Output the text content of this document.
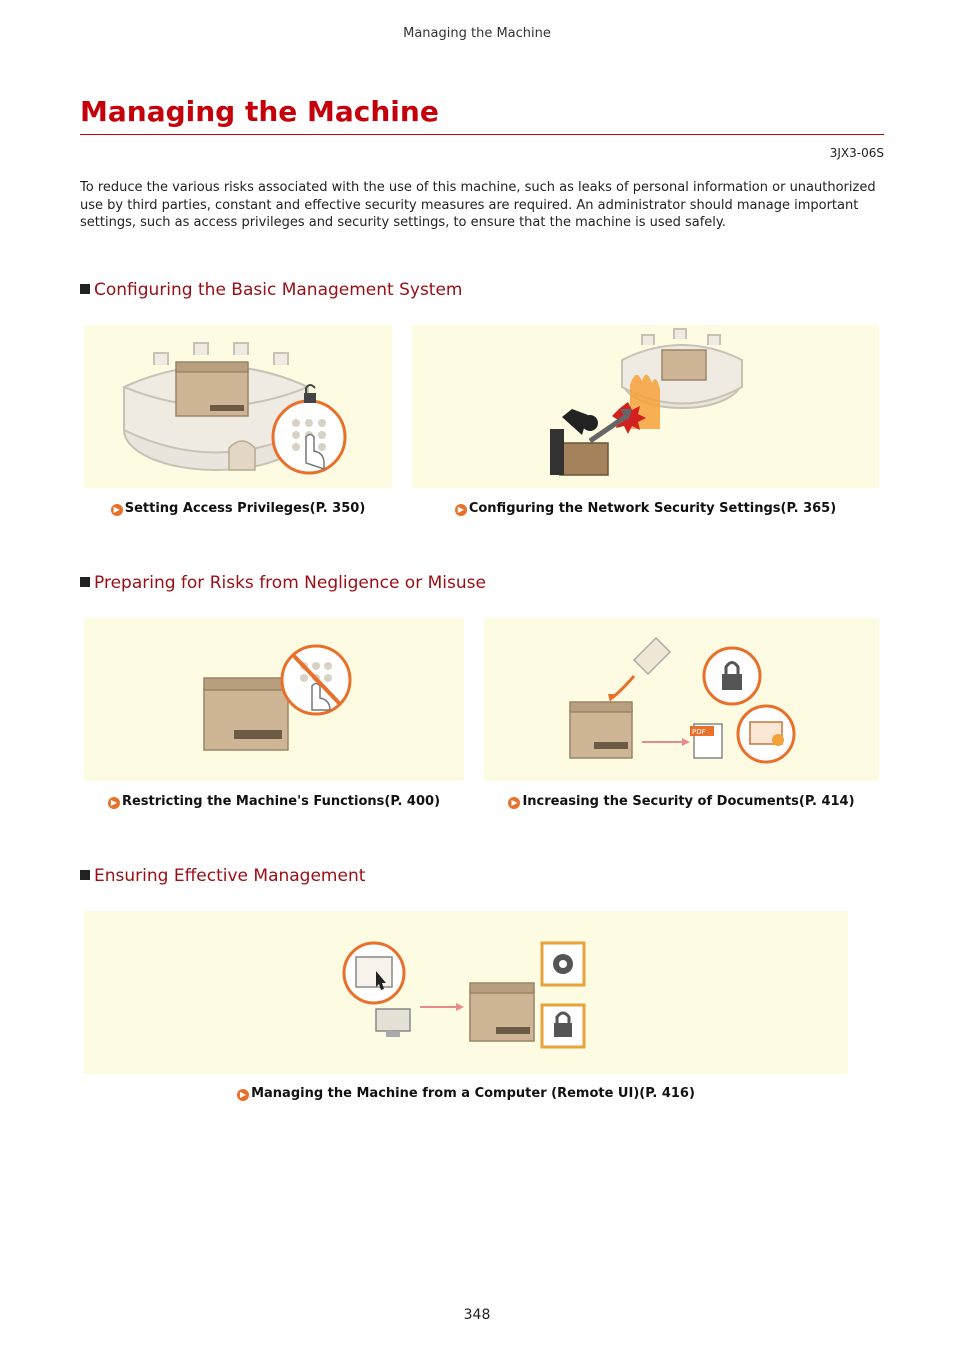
Managing the Machine
Managing the Machine
3JX3-06S

To reduce the various risks associated with the use of this machine, such as leaks of personal information or unauthorized use by third parties, constant and effective security measures are required. An administrator should manage important settings, such as access privileges and security settings, to ensure that the machine is used safely.

Configuring the Basic Management System
▶ Setting Access Privileges(P. 350)	▶ Configuring the Network Security Settings(P. 365)
Preparing for Risks from Negligence or Misuse
PDF
▶ Restricting the Machine's Functions(P. 400)	▶ Increasing the Security of Documents(P. 414)
Ensuring Effective Management
▶ Managing the Machine from a Computer (Remote UI)(P. 416)
348
